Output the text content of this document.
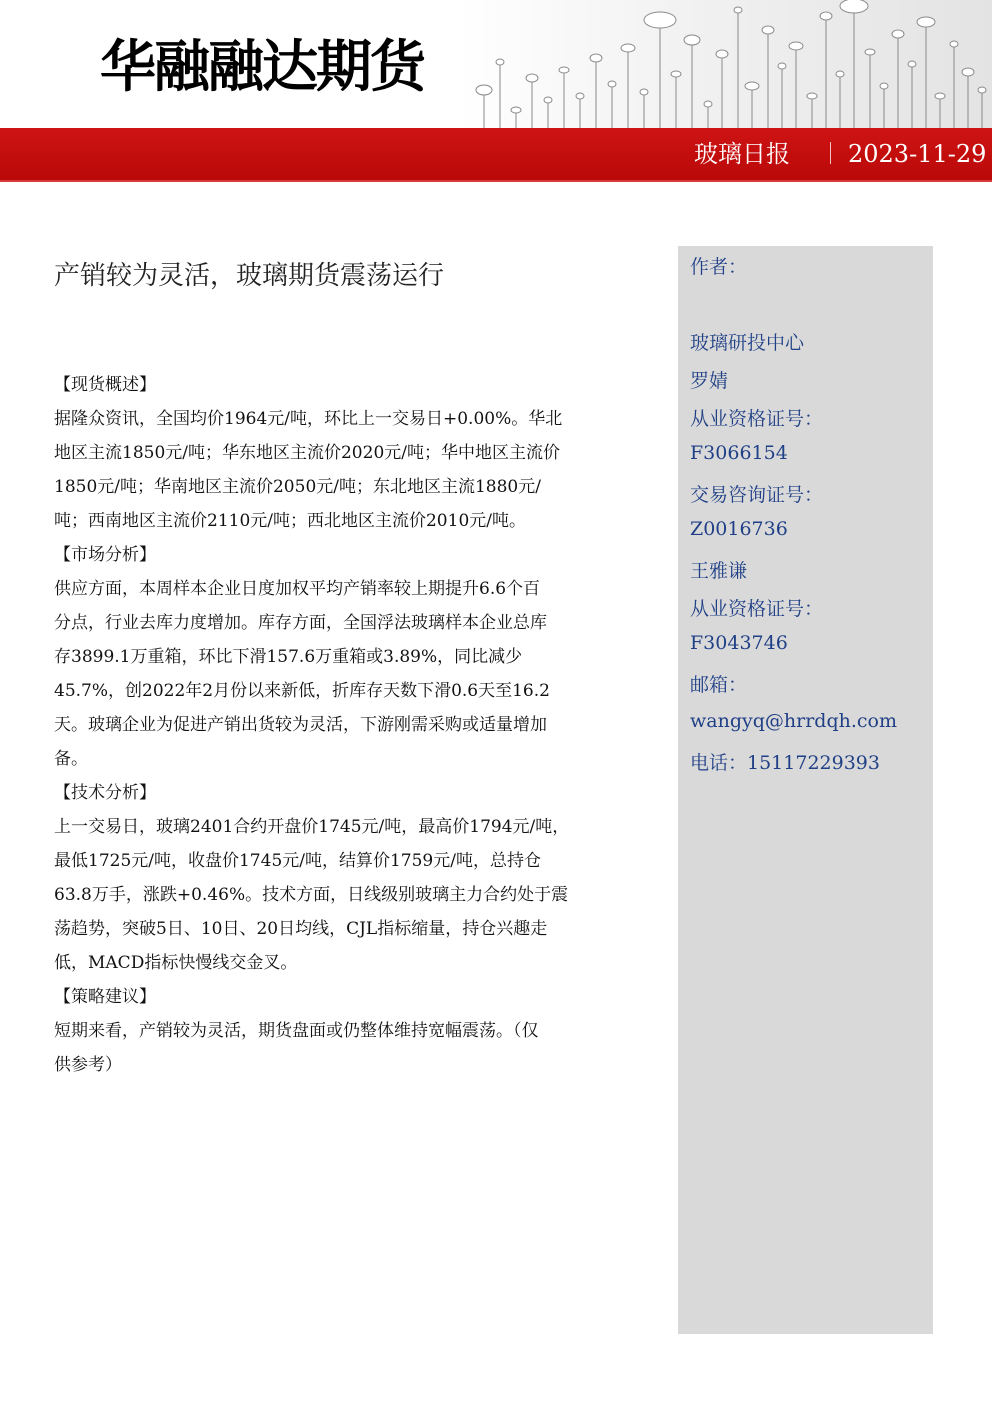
华融融达期货
玻璃日报 2023-11-29
产销较为灵活，玻璃期货震荡运行

【现货概述】

据隆众资讯，全国均价1964元/吨，环比上一交易日+0.00%。华北

地区主流1850元/吨；华东地区主流价2020元/吨；华中地区主流价

1850元/吨；华南地区主流价2050元/吨；东北地区主流1880元/

吨；西南地区主流价2110元/吨；西北地区主流价2010元/吨。

【市场分析】

供应方面，本周样本企业日度加权平均产销率较上期提升6.6个百

分点，行业去库力度增加。库存方面，全国浮法玻璃样本企业总库

存3899.1万重箱，环比下滑157.6万重箱或3.89%，同比减少

45.7%，创2022年2月份以来新低，折库存天数下滑0.6天至16.2

天。玻璃企业为促进产销出货较为灵活，下游刚需采购或适量增加

备。

【技术分析】

上一交易日，玻璃2401合约开盘价1745元/吨，最高价1794元/吨，

最低1725元/吨，收盘价1745元/吨，结算价1759元/吨，总持仓

63.8万手，涨跌+0.46%。技术方面，日线级别玻璃主力合约处于震

荡趋势，突破5日、10日、20日均线，CJL指标缩量，持仓兴趣走

低，MACD指标快慢线交金叉。

【策略建议】

短期来看，产销较为灵活，期货盘面或仍整体维持宽幅震荡。（仅

供参考）

作者：
玻璃研投中心
罗婧
从业资格证号：
F3066154
交易咨询证号：
Z0016736
王雅谦
从业资格证号：
F3043746
邮箱：
wangyq@hrrdqh.com
电话：15117229393
